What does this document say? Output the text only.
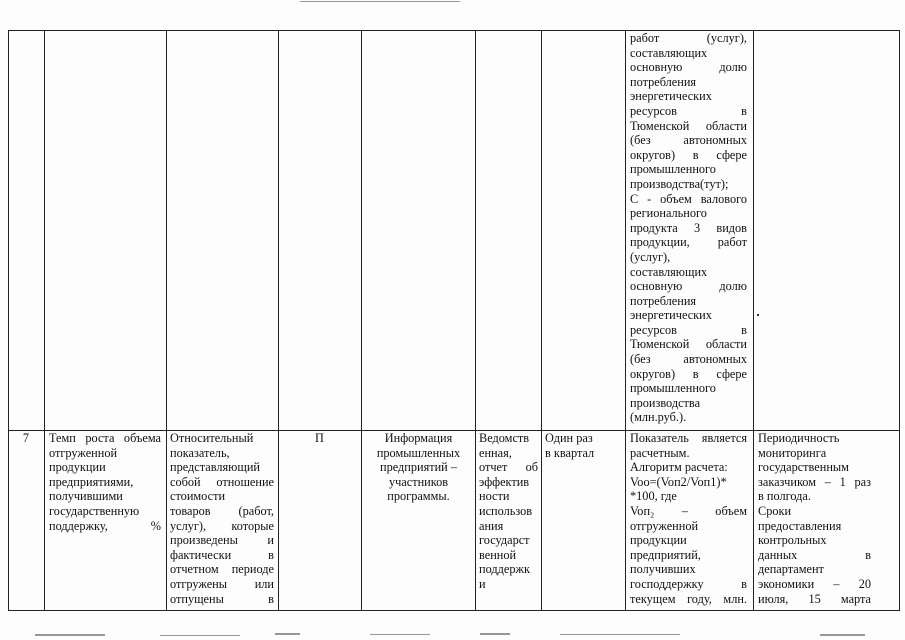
работ (услуг),
составляющих
основную долю
потребления
энергетических
ресурсов в
Тюменской области
(без автономных
округов) в сфере
промышленного
производства(тут);
С - объем валового
регионального
продукта 3 видов
продукции, работ
(услуг),
составляющих
основную долю
потребления
энергетических
ресурсов в
Тюменской области
(без автономных
округов) в сфере
промышленного
производства
(млн.руб.).
7	Темп роста объема
отгруженной
продукции
предприятиями,
получившими
государственную
поддержку, %
Относительный
показатель,
представляющий
собой отношение
стоимости
товаров (работ,
услуг), которые
произведены и
фактически в
отчетном периоде
отгружены или
отпущены в
П	Информация
промышленных
предприятий –
участников
программы.
Ведомств
енная,
отчет об
эффектив
ности
использов
ания
государст
венной
поддержк
и
Один раз
в квартал
Показатель является
расчетным.
Алгоритм расчета:
Voo=(Voп2/Voп1)*
*100, где
Voп₂ – объем
отгруженной
продукции
предприятий,
получивших
господдержку в
текущем году, млн.
Периодичность
мониторинга
государственным
заказчиком – 1 раз
в полгода.
Сроки
предоставления
контрольных
данных в
департамент
экономики – 20
июля, 15 марта
